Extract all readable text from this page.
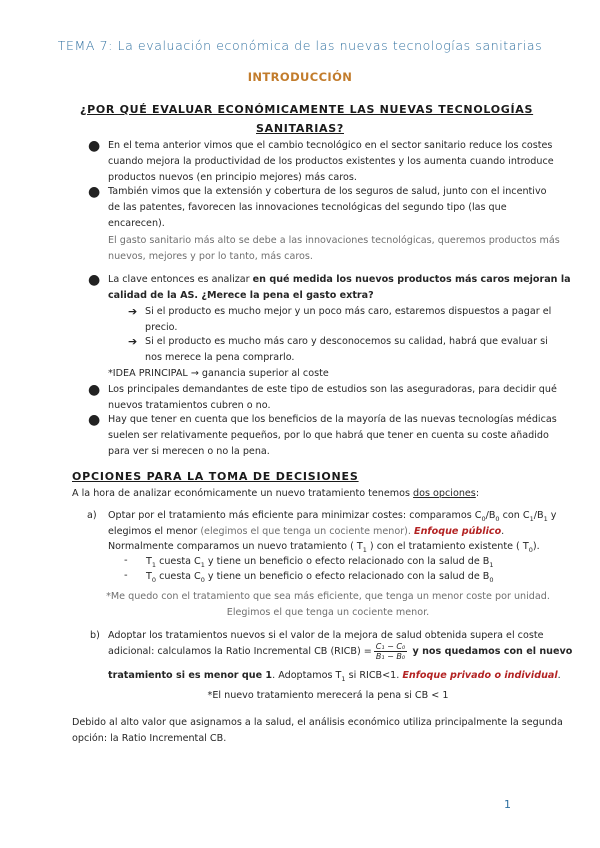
TEMA 7: La evaluación económica de las nuevas tecnologías sanitarias
INTRODUCCIÓN
¿POR QUÉ EVALUAR ECONÓMICAMENTE LAS NUEVAS TECNOLOGÍAS
SANITARIAS?
● En el tema anterior vimos que el cambio tecnológico en el sector sanitario reduce los costes
cuando mejora la productividad de los productos existentes y los aumenta cuando introduce
productos nuevos (en principio mejores) más caros.
● También vimos que la extensión y cobertura de los seguros de salud, junto con el incentivo
de las patentes, favorecen las innovaciones tecnológicas del segundo tipo (las que
encarecen).
El gasto sanitario más alto se debe a las innovaciones tecnológicas, queremos productos más
nuevos, mejores y por lo tanto, más caros.
● La clave entonces es analizar en qué medida los nuevos productos más caros mejoran la
calidad de la AS. ¿Merece la pena el gasto extra?
➔ Si el producto es mucho mejor y un poco más caro, estaremos dispuestos a pagar el
precio.
➔ Si el producto es mucho más caro y desconocemos su calidad, habrá que evaluar si
nos merece la pena comprarlo.
*IDEA PRINCIPAL → ganancia superior al coste
● Los principales demandantes de este tipo de estudios son las aseguradoras, para decidir qué
nuevos tratamientos cubren o no.
● Hay que tener en cuenta que los beneficios de la mayoría de las nuevas tecnologías médicas
suelen ser relativamente pequeños, por lo que habrá que tener en cuenta su coste añadido
para ver si merecen o no la pena.
OPCIONES PARA LA TOMA DE DECISIONES
A la hora de analizar económicamente un nuevo tratamiento tenemos dos opciones:
a) Optar por el tratamiento más eficiente para minimizar costes: comparamos $C_0/B_0$ con $C_1/B_1$ y
elegimos el menor (elegimos el que tenga un cociente menor). Enfoque público.
Normalmente comparamos un nuevo tratamiento ( $T_1$ ) con el tratamiento existente ( $T_0$).
- $T_1$ cuesta $C_1$ y tiene un beneficio o efecto relacionado con la salud de $B_1$
- $T_0$ cuesta $C_0$ y tiene un beneficio o efecto relacionado con la salud de $B_0$
*Me quedo con el tratamiento que sea más eficiente, que tenga un menor coste por unidad.
Elegimos el que tenga un cociente menor.
b) Adoptar los tratamientos nuevos si el valor de la mejora de salud obtenida supera el coste
adicional: calculamos la Ratio Incremental CB (RICB) = $\frac{\text{C₁ − C₀}}{\text{B₁ − B₀}}$ y nos quedamos con el nuevo
tratamiento si es menor que 1. Adoptamos $T_1$ si RICB<1. Enfoque privado o individual.
*El nuevo tratamiento merecerá la pena si CB < 1
Debido al alto valor que asignamos a la salud, el análisis económico utiliza principalmente la segunda
opción: la Ratio Incremental CB.
1
